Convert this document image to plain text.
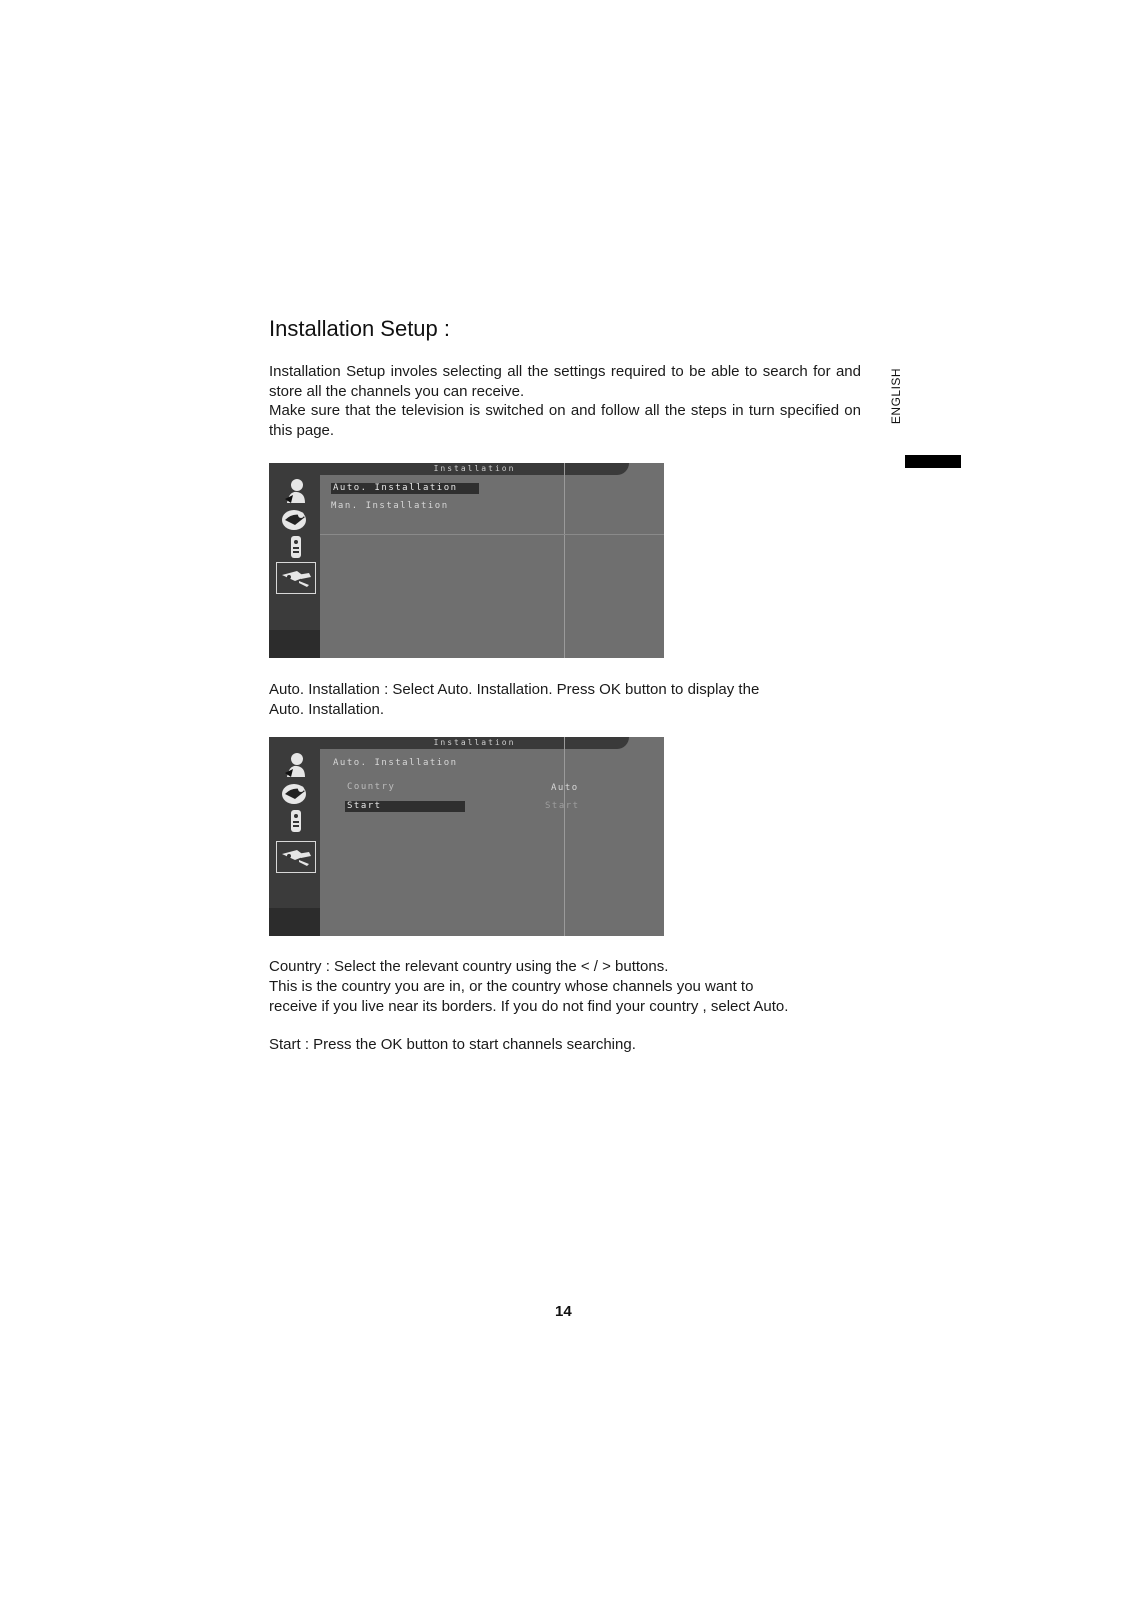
Installation Setup :
Installation Setup involes selecting all the settings required to be able to search for and store all the channels you can receive.
Make sure that the television is switched on and follow all the steps in turn specified on this page.
ENGLISH
Installation
Auto. Installation
Man. Installation
Auto. Installation : Select Auto. Installation. Press OK button to display the
Auto. Installation.
Installation
Auto. Installation
Country	Auto
Start	Start
Country : Select the relevant country using the < / > buttons.
This is the country you are in, or the country whose channels you want to
receive if you live near its borders. If you do not find your country , select Auto.
Start : Press the OK button to start channels searching.
14
